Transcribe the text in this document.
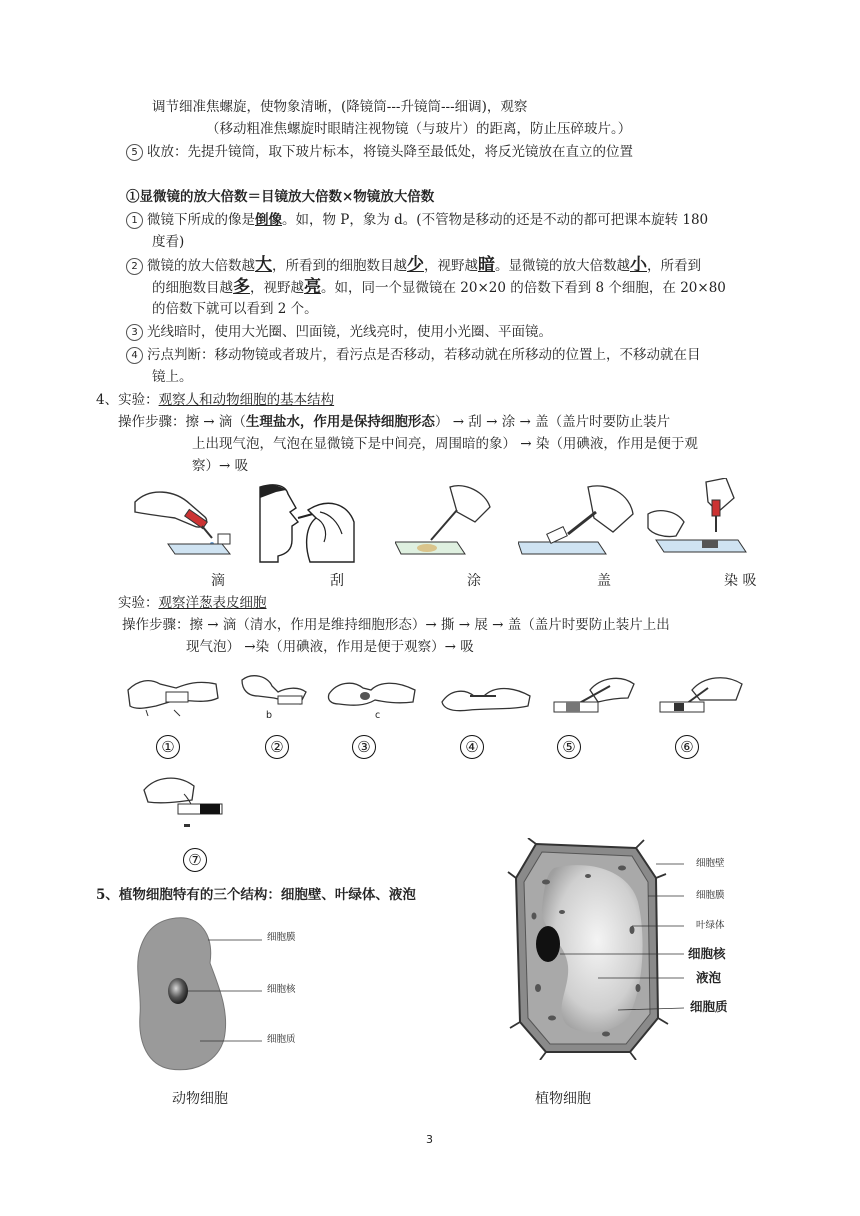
调节细准焦螺旋，使物象清晰，(降镜筒---升镜筒---细调)，观察
（移动粗准焦螺旋时眼睛注视物镜（与玻片）的距离，防止压碎玻片。）
5 收放：先提升镜筒，取下玻片标本，将镜头降至最低处，将反光镜放在直立的位置
①显微镜的放大倍数＝目镜放大倍数×物镜放大倍数
1 微镜下所成的像是倒像。如，物 P，象为 d。(不管物是移动的还是不动的都可把课本旋转 180
度看)
2 微镜的放大倍数越大，所看到的细胞数目越少，视野越暗。显微镜的放大倍数越小，所看到
的细胞数目越多，视野越亮。如，同一个显微镜在 20×20 的倍数下看到 8 个细胞，在 20×80
的倍数下就可以看到 2 个。
3 光线暗时，使用大光圈、凹面镜，光线亮时，使用小光圈、平面镜。
4 污点判断：移动物镜或者玻片，看污点是否移动，若移动就在所移动的位置上，不移动就在目
镜上。
4、实验：观察人和动物细胞的基本结构
操作步骤：擦 → 滴（生理盐水，作用是保持细胞形态） → 刮 → 涂 → 盖（盖片时要防止装片
上出现气泡，气泡在显微镜下是中间亮，周围暗的象） → 染（用碘液，作用是便于观
察）→ 吸
滴	刮	涂	盖	染 吸
实验：观察洋葱表皮细胞
操作步骤：擦 → 滴（清水，作用是维持细胞形态）→ 撕 → 展 → 盖（盖片时要防止装片上出
现气泡） →染（用碘液，作用是便于观察）→ 吸
b	c
①	②	③	④	⑤	⑥
⑦
5、植物细胞特有的三个结构：细胞壁、叶绿体、液泡
细胞膜
细胞核
细胞质
动物细胞
细胞壁
细胞膜
叶绿体
细胞核
液泡
细胞质
植物细胞
3
